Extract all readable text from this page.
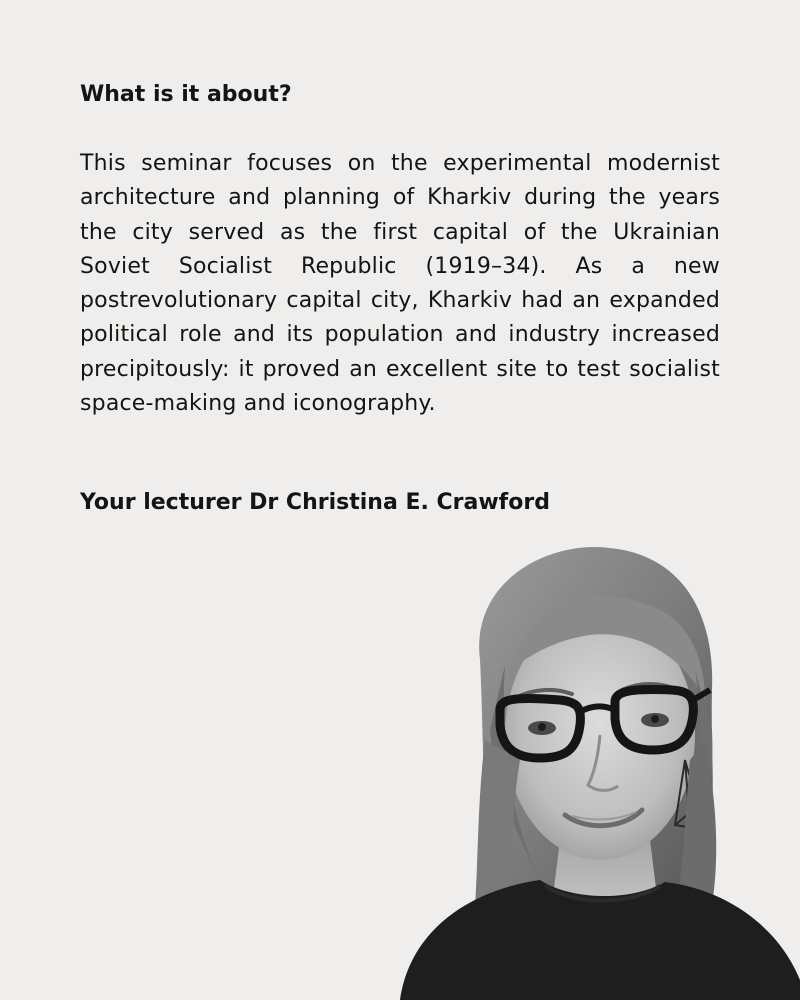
What is it about?

This seminar focuses on the experimental modernist architecture and planning of Kharkiv during the years the city served as the first capital of the Ukrainian Soviet Socialist Republic (1919–34). As a new postrevolutionary capital city, Kharkiv had an expanded political role and its population and industry increased precipitously: it proved an excellent site to test socialist space-making and iconography.

Your lecturer Dr Christina E. Crawford
